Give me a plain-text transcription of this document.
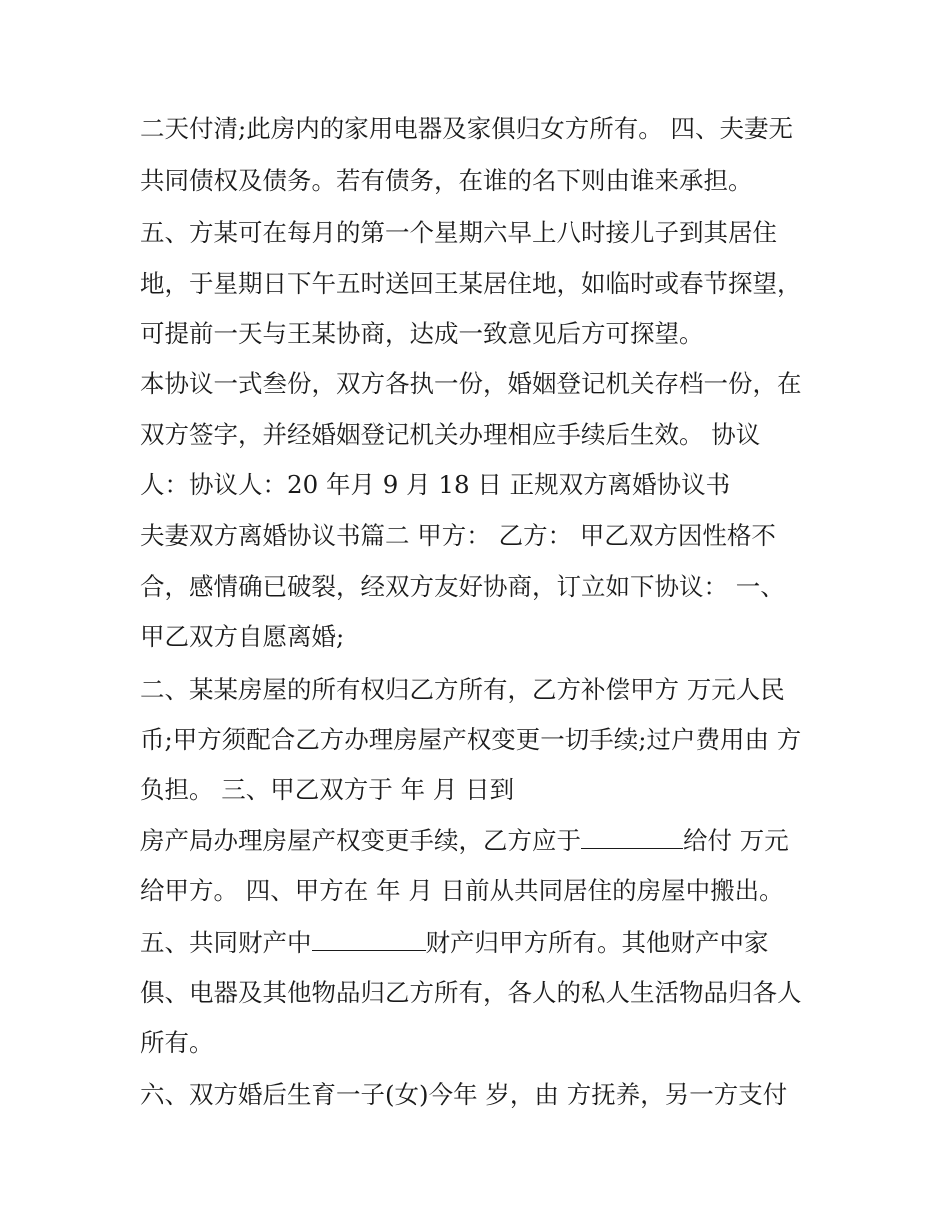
二天付清;此房内的家用电器及家俱归女方所有。 四、夫妻无
共同债权及债务。若有债务，在谁的名下则由谁来承担。
五、方某可在每月的第一个星期六早上八时接儿子到其居住
地，于星期日下午五时送回王某居住地，如临时或春节探望，
可提前一天与王某协商，达成一致意见后方可探望。
本协议一式叁份，双方各执一份，婚姻登记机关存档一份，在
双方签字，并经婚姻登记机关办理相应手续后生效。 协议
人：协议人：20 年月 9 月 18 日 正规双方离婚协议书
夫妻双方离婚协议书篇二 甲方： 乙方： 甲乙双方因性格不
合，感情确已破裂，经双方友好协商，订立如下协议： 一、
甲乙双方自愿离婚;
二、某某房屋的所有权归乙方所有，乙方补偿甲方 万元人民
币;甲方须配合乙方办理房屋产权变更一切手续;过户费用由 方
负担。 三、甲乙双方于 年 月 日到
房产局办理房屋产权变更手续，乙方应于	给付 万元
给甲方。 四、甲方在 年 月 日前从共同居住的房屋中搬出。
五、共同财产中	财产归甲方所有。其他财产中家
俱、电器及其他物品归乙方所有，各人的私人生活物品归各人
所有。
六、双方婚后生育一子(女)今年 岁，由 方抚养，另一方支付
